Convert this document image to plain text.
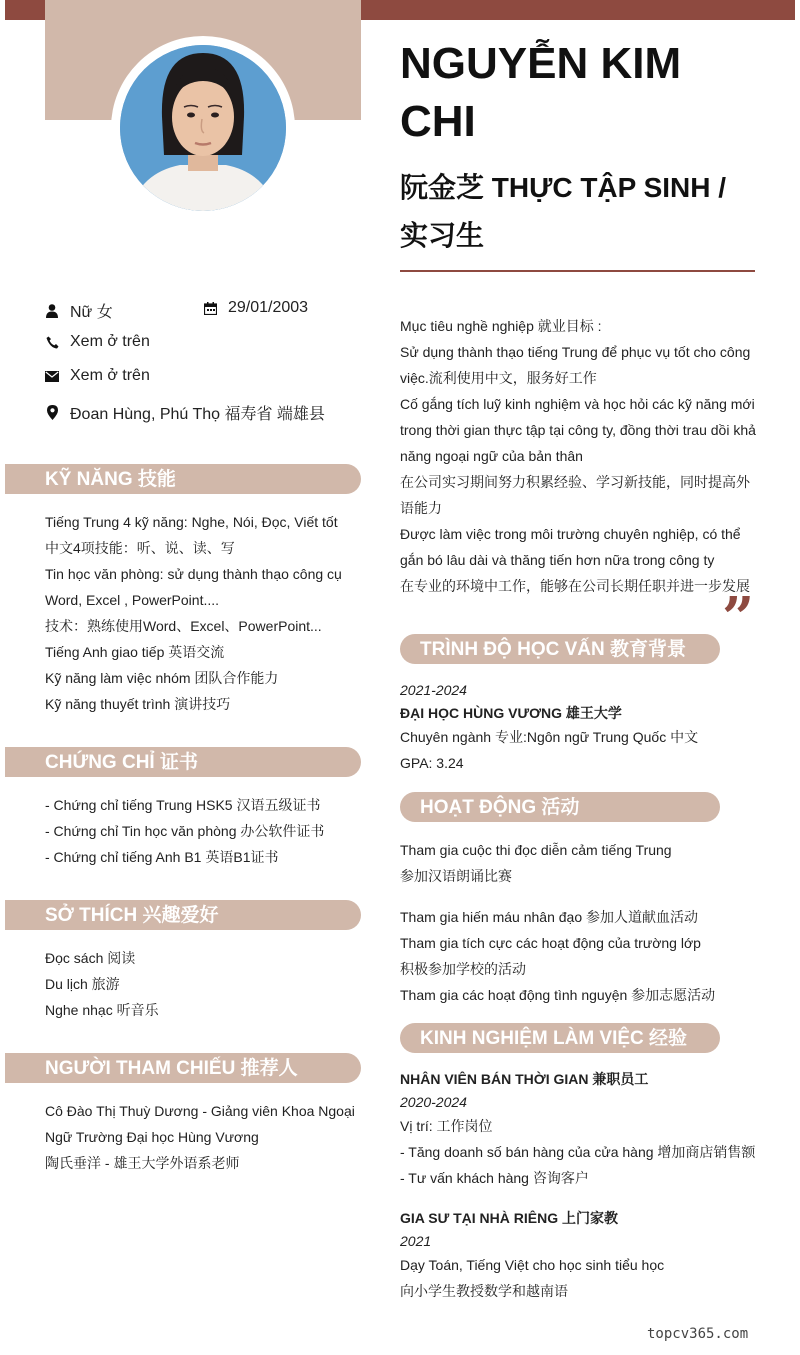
NGUYỄN KIM CHI
阮金芝 THỰC TẬP SINH / 实习生
Nữ 女	29/01/2003
Xem ở trên
Xem ở trên
Đoan Hùng, Phú Thọ 福寿省 端雄县
KỸ NĂNG 技能
Tiếng Trung 4 kỹ năng: Nghe, Nói, Đọc, Viết tốt
中文4项技能：听、说、读、写
Tin học văn phòng: sử dụng thành thạo công cụ
Word, Excel , PowerPoint....
技术：熟练使用Word、Excel、PowerPoint...
Tiếng Anh giao tiếp 英语交流
Kỹ năng làm việc nhóm 团队合作能力
Kỹ năng thuyết trình 演讲技巧
CHỨNG CHỈ 证书
- Chứng chỉ tiếng Trung HSK5 汉语五级证书
- Chứng chỉ Tin học văn phòng 办公软件证书
- Chứng chỉ tiếng Anh B1 英语B1证书
SỞ THÍCH 兴趣爱好
Đọc sách 阅读
Du lịch 旅游
Nghe nhạc 听音乐
NGƯỜI THAM CHIẾU 推荐人
Cô Đào Thị Thuỳ Dương - Giảng viên Khoa Ngoại
Ngữ Trường Đại học Hùng Vương
陶氏垂洋 - 雄王大学外语系老师
Mục tiêu nghề nghiệp 就业目标 :
Sử dụng thành thạo tiếng Trung để phục vụ tốt cho công
việc.流利使用中文，服务好工作
Cố gắng tích luỹ kinh nghiệm và học hỏi các kỹ năng mới
trong thời gian thực tập tại công ty, đồng thời trau dồi khả
năng ngoại ngữ của bản thân
在公司实习期间努力积累经验、学习新技能，同时提高外
语能力
Được làm việc trong môi trường chuyên nghiệp, có thể
gắn bó lâu dài và thăng tiến hơn nữa trong công ty
在专业的环境中工作，能够在公司长期任职并进一步发展
”
TRÌNH ĐỘ HỌC VẤN 教育背景
2021-2024
ĐẠI HỌC HÙNG VƯƠNG 雄王大学
Chuyên ngành 专业:Ngôn ngữ Trung Quốc 中文
GPA: 3.24
HOẠT ĐỘNG 活动
Tham gia cuộc thi đọc diễn cảm tiếng Trung
参加汉语朗诵比赛
Tham gia hiến máu nhân đạo 参加人道献血活动
Tham gia tích cực các hoạt động của trường lớp
积极参加学校的活动
Tham gia các hoạt động tình nguyện 参加志愿活动
KINH NGHIỆM LÀM VIỆC 经验
NHÂN VIÊN BÁN THỜI GIAN 兼职员工
2020-2024
Vị trí: 工作岗位
- Tăng doanh số bán hàng của cửa hàng 增加商店销售额
- Tư vấn khách hàng 咨询客户
GIA SƯ TẠI NHÀ RIÊNG 上门家教
2021
Dạy Toán, Tiếng Việt cho học sinh tiểu học
向小学生教授数学和越南语
topcv365.com
